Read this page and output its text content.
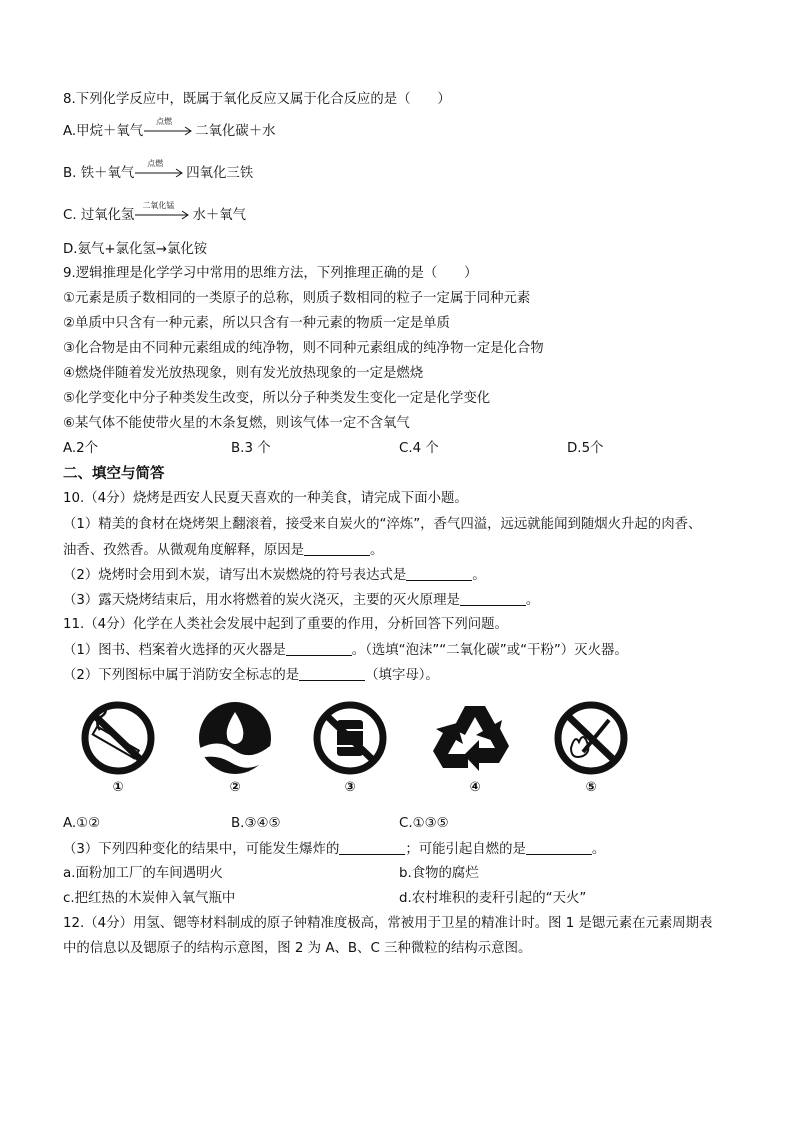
8.下列化学反应中，既属于氧化反应又属于化合反应的是（　　）
A.甲烷＋氧气
点燃
二氧化碳＋水
B. 铁＋氧气
点燃
四氧化三铁
C. 过氧化氢
二氧化锰
水＋氧气
D.氨气+氯化氢→氯化铵
9.逻辑推理是化学学习中常用的思维方法，下列推理正确的是（　　）
①元素是质子数相同的一类原子的总称，则质子数相同的粒子一定属于同种元素
②单质中只含有一种元素，所以只含有一种元素的物质一定是单质
③化合物是由不同种元素组成的纯净物，则不同种元素组成的纯净物一定是化合物
④燃烧伴随着发光放热现象，则有发光放热现象的一定是燃烧
⑤化学变化中分子种类发生改变，所以分子种类发生变化一定是化学变化
⑥某气体不能使带火星的木条复燃，则该气体一定不含氧气
A.2个	B.3 个	C.4 个	D.5个
二、填空与简答
10.（4分）烧烤是西安人民夏天喜欢的一种美食，请完成下面小题。
（1）精美的食材在烧烤架上翻滚着，接受来自炭火的“淬炼”，香气四溢，远远就能闻到随烟火升起的肉香、
油香、孜然香。从微观角度解释，原因是	。
（2）烧烤时会用到木炭，请写出木炭燃烧的符号表达式是	。
（3）露天烧烤结束后，用水将燃着的炭火浇灭，主要的灭火原理是	。
11.（4分）化学在人类社会发展中起到了重要的作用，分析回答下列问题。
（1）图书、档案着火选择的灭火器是	。（选填“泡沫”“二氧化碳”或“干粉”）灭火器。
（2）下列图标中属于消防安全标志的是	（填字母）。
①	②	③	④	⑤
A.①②	B.③④⑤	C.①③⑤
（3）下列四种变化的结果中，可能发生爆炸的	；可能引起自燃的是	。
a.面粉加工厂的车间遇明火	b.食物的腐烂
c.把红热的木炭伸入氧气瓶中	d.农村堆积的麦秆引起的“天火”
12.（4分）用氢、锶等材料制成的原子钟精准度极高，常被用于卫星的精准计时。图 1 是锶元素在元素周期表
中的信息以及锶原子的结构示意图，图 2 为 A、B、C 三种微粒的结构示意图。
